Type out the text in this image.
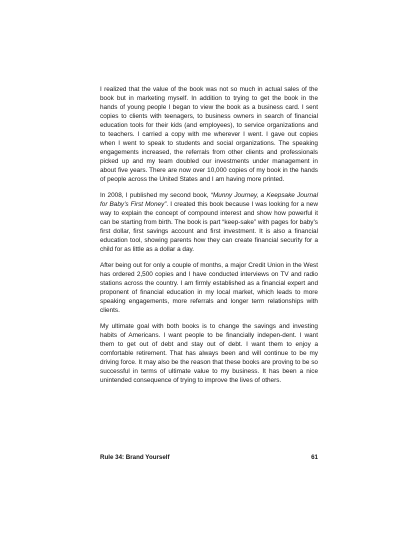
I realized that the value of the book was not so much in actual sales of the book but in marketing myself. In addition to trying to get the book in the hands of young people I began to view the book as a business card. I sent copies to clients with teenagers, to business owners in search of financial education tools for their kids (and employees), to service organizations and to teachers. I carried a copy with me wherever I went. I gave out copies when I went to speak to students and social organizations. The speaking engagements increased, the referrals from other clients and professionals picked up and my team doubled our investments under management in about five years. There are now over 10,000 copies of my book in the hands of people across the United States and I am having more printed.

In 2008, I published my second book, “Munny Journey, a Keepsake Journal for Baby’s First Money”. I created this book because I was looking for a new way to explain the concept of compound interest and show how powerful it can be starting from birth. The book is part “keep-sake” with pages for baby’s first dollar, first savings account and first investment. It is also a financial education tool, showing parents how they can create financial security for a child for as little as a dollar a day.

After being out for only a couple of months, a major Credit Union in the West has ordered 2,500 copies and I have conducted interviews on TV and radio stations across the country. I am firmly established as a financial expert and proponent of financial education in my local market, which leads to more speaking engagements, more referrals and longer term relationships with clients.

My ultimate goal with both books is to change the savings and investing habits of Americans. I want people to be financially indepen-dent. I want them to get out of debt and stay out of debt. I want them to enjoy a comfortable retirement. That has always been and will continue to be my driving force. It may also be the reason that these books are proving to be so successful in terms of ultimate value to my business. It has been a nice unintended consequence of trying to improve the lives of others.

Rule 34: Brand Yourself	61
